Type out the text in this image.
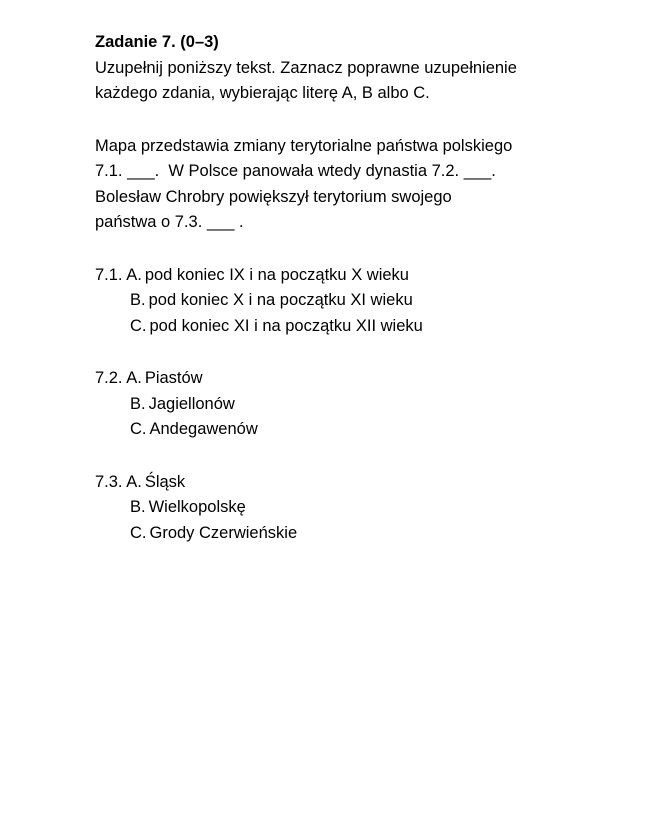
Zadanie 7. (0–3)

Uzupełnij poniższy tekst. Zaznacz poprawne uzupełnienie

każdego zdania, wybierając literę A, B albo C.

Mapa przedstawia zmiany terytorialne państwa polskiego

7.1. ___.  W Polsce panowała wtedy dynastia 7.2. ___.

Bolesław Chrobry powiększył terytorium swojego

państwa o 7.3. ___ .

7.1. A. pod koniec IX i na początku X wieku

B. pod koniec X i na początku XI wieku

C. pod koniec XI i na początku XII wieku

7.2. A. Piastów

B. Jagiellonów

C. Andegawenów

7.3. A. Śląsk

B. Wielkopolskę

C. Grody Czerwieńskie
